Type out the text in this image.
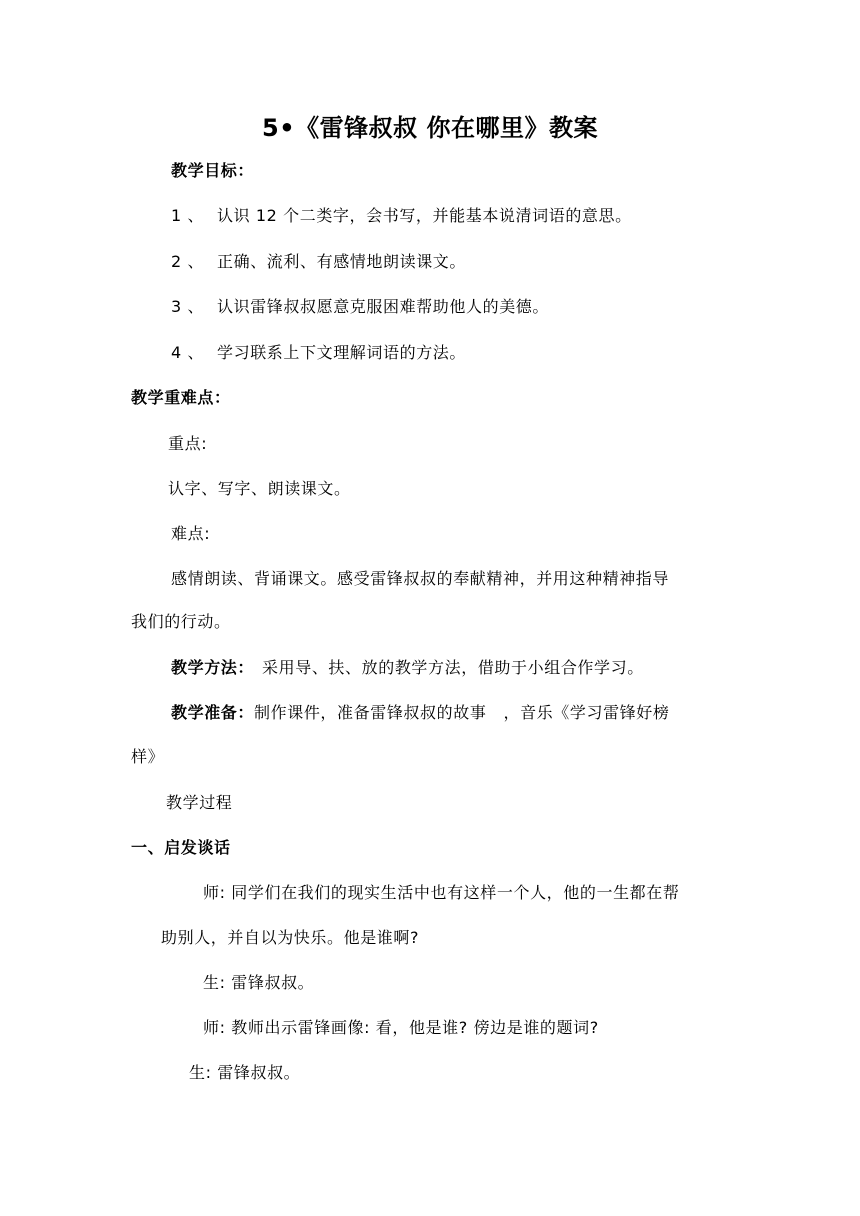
5•《雷锋叔叔 你在哪里》教案
教学目标：
1 、 认识 12 个二类字，会书写，并能基本说清词语的意思。
2 、 正确、流利、有感情地朗读课文。
3 、 认识雷锋叔叔愿意克服困难帮助他人的美德。
4 、 学习联系上下文理解词语的方法。
教学重难点：
重点:
认字、写字、朗读课文。
难点:
感情朗读、背诵课文。感受雷锋叔叔的奉献精神，并用这种精神指导
我们的行动。
教学方法： 采用导、扶、放的教学方法，借助于小组合作学习。
教学准备：制作课件，准备雷锋叔叔的故事   ，音乐《学习雷锋好榜
样》
教学过程
一、启发谈话
师: 同学们在我们的现实生活中也有这样一个人，他的一生都在帮
助别人，并自以为快乐。他是谁啊?
生: 雷锋叔叔。
师: 教师出示雷锋画像: 看，他是谁? 傍边是谁的题词?
生: 雷锋叔叔。
